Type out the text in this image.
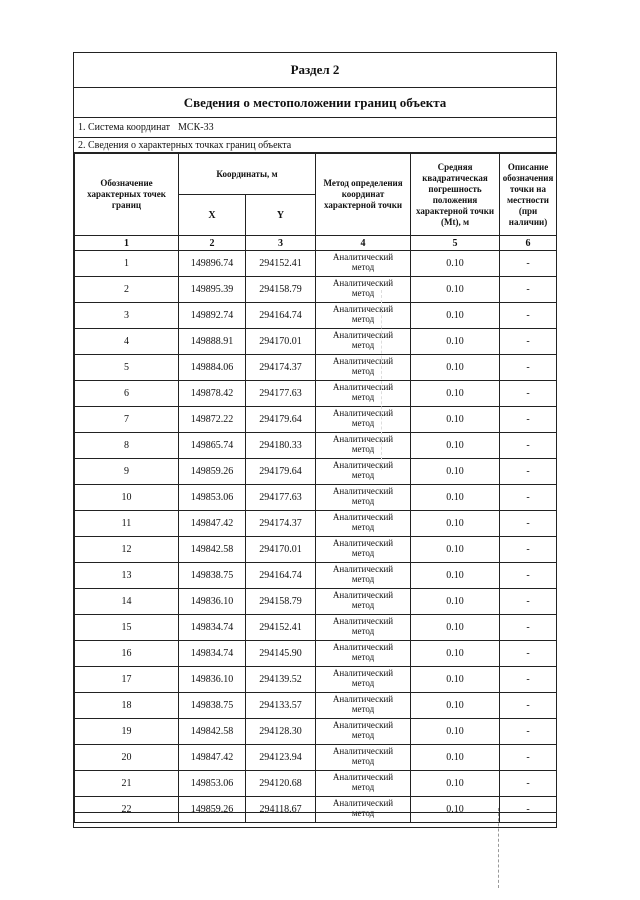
Раздел 2
Сведения о местоположении границ объекта
1. Система координат МСК-33
2. Сведения о характерных точках границ объекта
Обозначение характерных точек границ	Координаты, м		Метод определения координат характерной точки	Средняя квадратическая погрешность положения характерной точки (Mt), м	Описание обозначения точки на местности (при наличии)
	X	Y			
1	2	3	4	5	6
1	149896.74	294152.41	Аналитический метод	0.10	-
2	149895.39	294158.79	Аналитический метод	0.10	-
3	149892.74	294164.74	Аналитический метод	0.10	-
4	149888.91	294170.01	Аналитический метод	0.10	-
5	149884.06	294174.37	Аналитический метод	0.10	-
6	149878.42	294177.63	Аналитический метод	0.10	-
7	149872.22	294179.64	Аналитический метод	0.10	-
8	149865.74	294180.33	Аналитический метод	0.10	-
9	149859.26	294179.64	Аналитический метод	0.10	-
10	149853.06	294177.63	Аналитический метод	0.10	-
11	149847.42	294174.37	Аналитический метод	0.10	-
12	149842.58	294170.01	Аналитический метод	0.10	-
13	149838.75	294164.74	Аналитический метод	0.10	-
14	149836.10	294158.79	Аналитический метод	0.10	-
15	149834.74	294152.41	Аналитический метод	0.10	-
16	149834.74	294145.90	Аналитический метод	0.10	-
17	149836.10	294139.52	Аналитический метод	0.10	-
18	149838.75	294133.57	Аналитический метод	0.10	-
19	149842.58	294128.30	Аналитический метод	0.10	-
20	149847.42	294123.94	Аналитический метод	0.10	-
21	149853.06	294120.68	Аналитический метод	0.10	-
22	149859.26	294118.67	Аналитический метод	0.10	-
